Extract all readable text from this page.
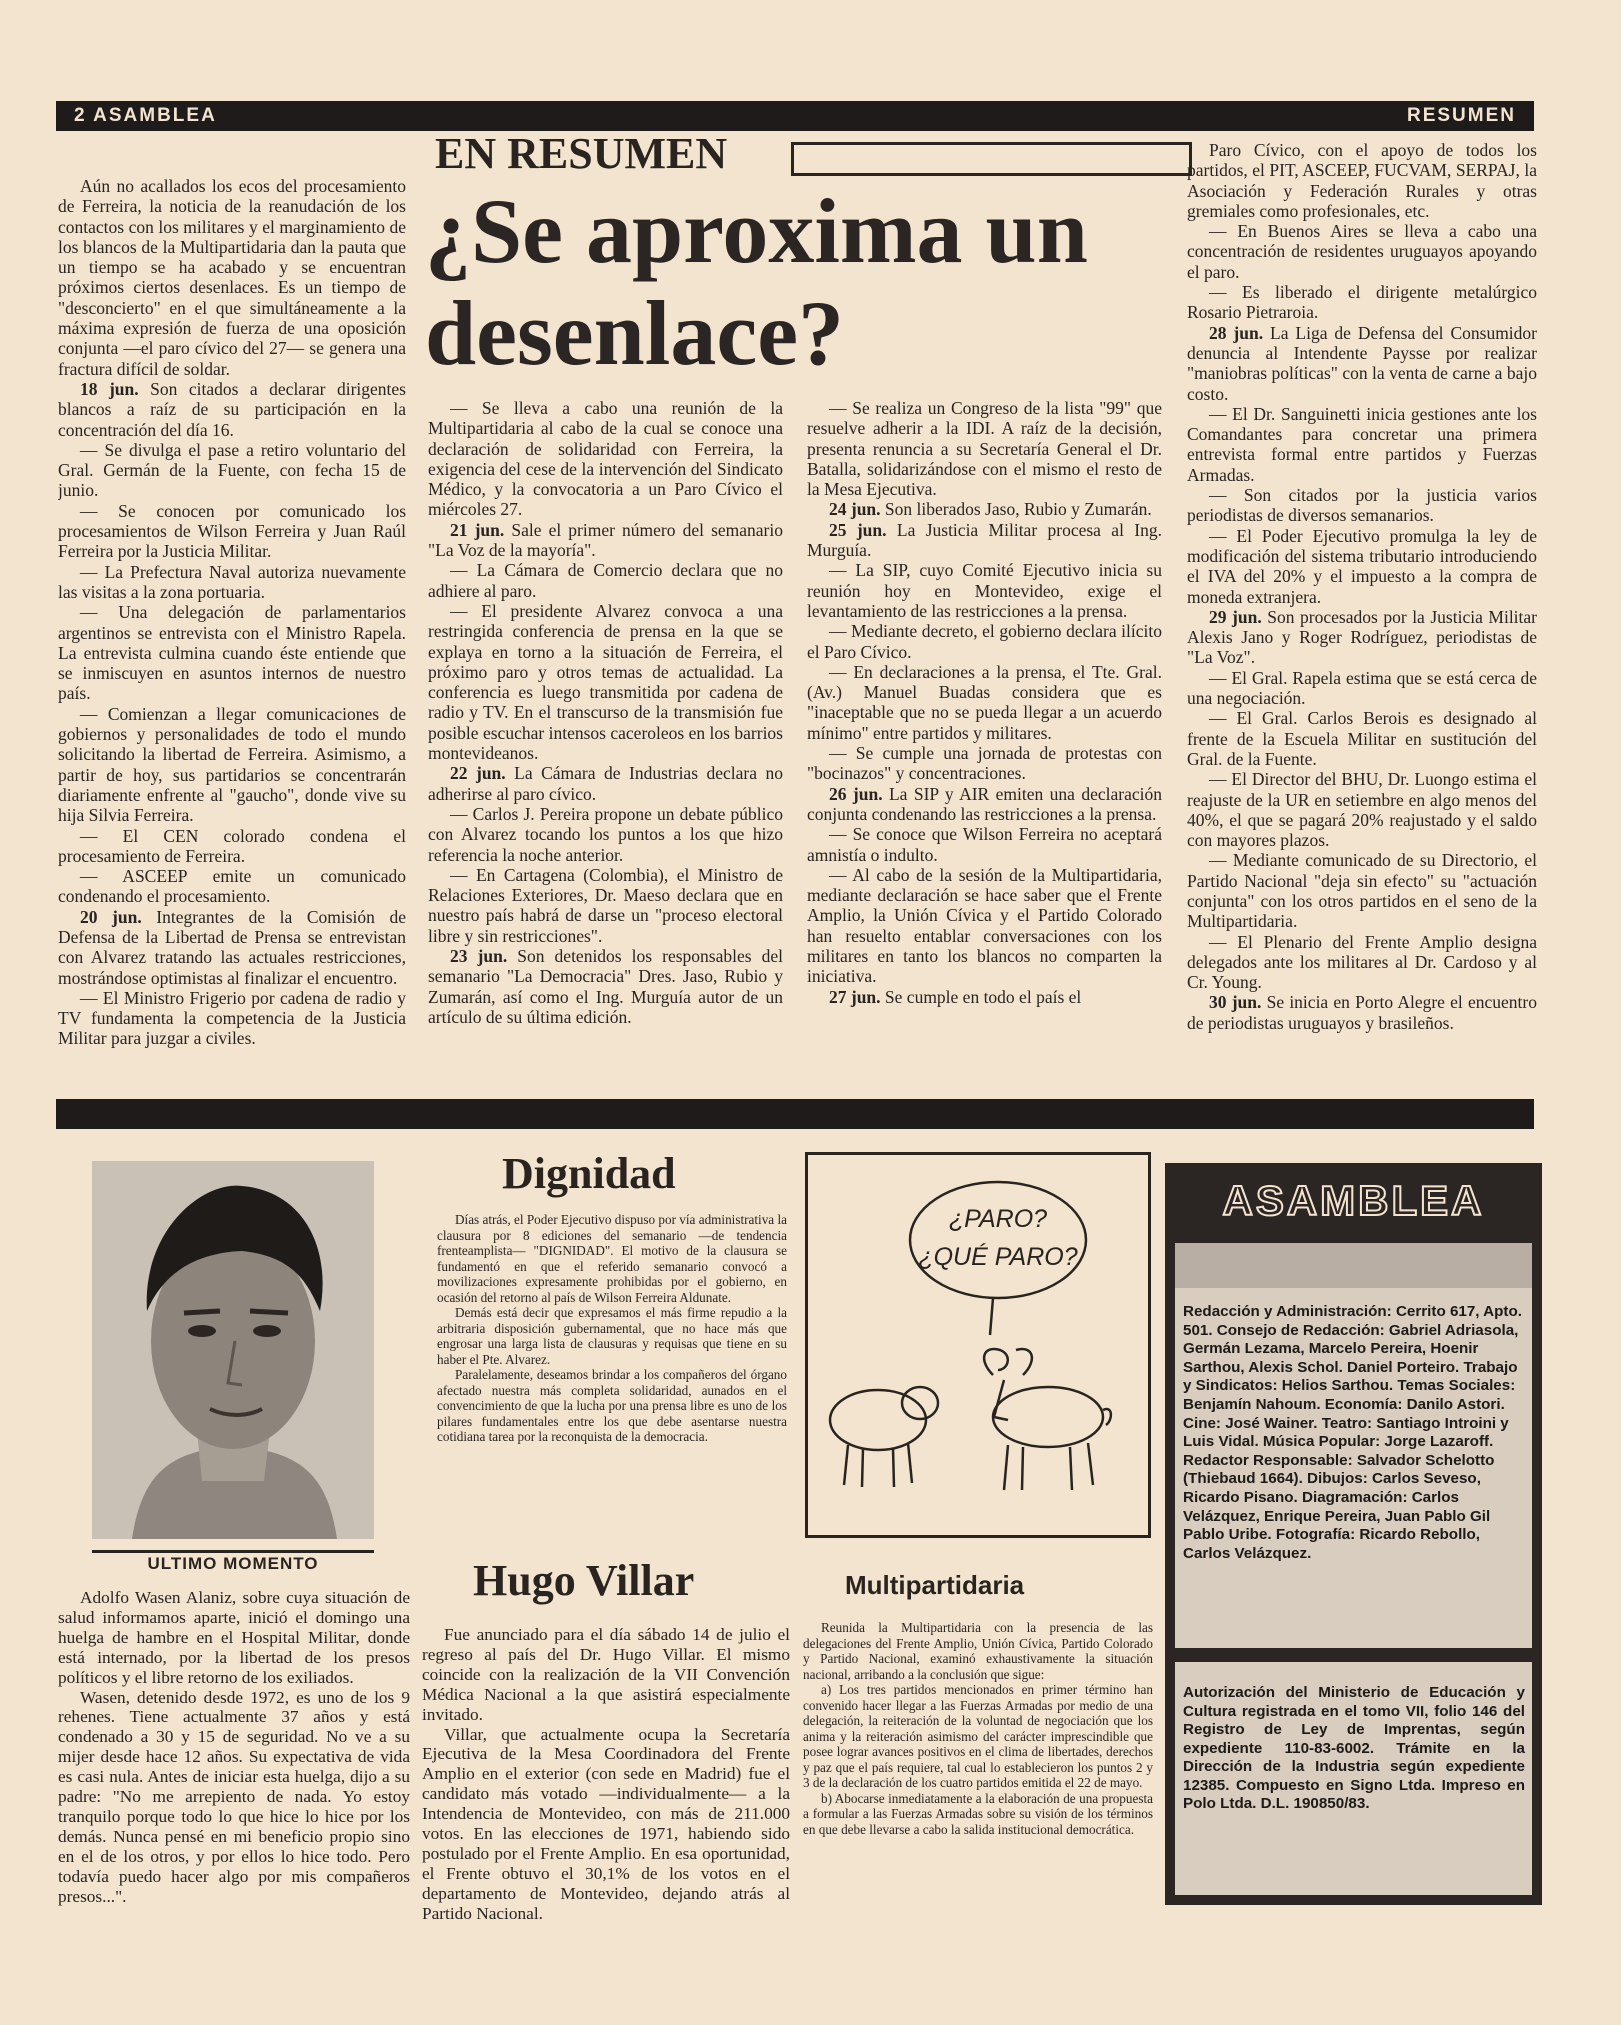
2 ASAMBLEA	RESUMEN
EN RESUMEN
¿Se aproxima un desenlace?

Aún no acallados los ecos del procesamiento de Ferreira, la noticia de la reanudación de los contactos con los militares y el marginamiento de los blancos de la Multipartidaria dan la pauta que un tiempo se ha acabado y se encuentran próximos ciertos desenlaces. Es un tiempo de "desconcierto" en el que simultáneamente a la máxima expresión de fuerza de una oposición conjunta —el paro cívico del 27— se genera una fractura difícil de soldar.

18 jun. Son citados a declarar dirigentes blancos a raíz de su participación en la concentración del día 16.

— Se divulga el pase a retiro voluntario del Gral. Germán de la Fuente, con fecha 15 de junio.

— Se conocen por comunicado los procesamientos de Wilson Ferreira y Juan Raúl Ferreira por la Justicia Militar.

— La Prefectura Naval autoriza nuevamente las visitas a la zona portuaria.

— Una delegación de parlamentarios argentinos se entrevista con el Ministro Rapela. La entrevista culmina cuando éste entiende que se inmiscuyen en asuntos internos de nuestro país.

— Comienzan a llegar comunicaciones de gobiernos y personalidades de todo el mundo solicitando la libertad de Ferreira. Asimismo, a partir de hoy, sus partidarios se concentrarán diariamente enfrente al "gaucho", donde vive su hija Silvia Ferreira.

— El CEN colorado condena el procesamiento de Ferreira.

— ASCEEP emite un comunicado condenando el procesamiento.

20 jun. Integrantes de la Comisión de Defensa de la Libertad de Prensa se entrevistan con Alvarez tratando las actuales restricciones, mostrándose optimistas al finalizar el encuentro.

— El Ministro Frigerio por cadena de radio y TV fundamenta la competencia de la Justicia Militar para juzgar a civiles.

— Se lleva a cabo una reunión de la Multipartidaria al cabo de la cual se conoce una declaración de solidaridad con Ferreira, la exigencia del cese de la intervención del Sindicato Médico, y la convocatoria a un Paro Cívico el miércoles 27.

21 jun. Sale el primer número del semanario "La Voz de la mayoría".

— La Cámara de Comercio declara que no adhiere al paro.

— El presidente Alvarez convoca a una restringida conferencia de prensa en la que se explaya en torno a la situación de Ferreira, el próximo paro y otros temas de actualidad. La conferencia es luego transmitida por cadena de radio y TV. En el transcurso de la transmisión fue posible escuchar intensos caceroleos en los barrios montevideanos.

22 jun. La Cámara de Industrias declara no adherirse al paro cívico.

— Carlos J. Pereira propone un debate público con Alvarez tocando los puntos a los que hizo referencia la noche anterior.

— En Cartagena (Colombia), el Ministro de Relaciones Exteriores, Dr. Maeso declara que en nuestro país habrá de darse un "proceso electoral libre y sin restricciones".

23 jun. Son detenidos los responsables del semanario "La Democracia" Dres. Jaso, Rubio y Zumarán, así como el Ing. Murguía autor de un artículo de su última edición.

— Se realiza un Congreso de la lista "99" que resuelve adherir a la IDI. A raíz de la decisión, presenta renuncia a su Secretaría General el Dr. Batalla, solidarizándose con el mismo el resto de la Mesa Ejecutiva.

24 jun. Son liberados Jaso, Rubio y Zumarán.

25 jun. La Justicia Militar procesa al Ing. Murguía.

— La SIP, cuyo Comité Ejecutivo inicia su reunión hoy en Montevideo, exige el levantamiento de las restricciones a la prensa.

— Mediante decreto, el gobierno declara ilícito el Paro Cívico.

— En declaraciones a la prensa, el Tte. Gral. (Av.) Manuel Buadas considera que es "inaceptable que no se pueda llegar a un acuerdo mínimo" entre partidos y militares.

— Se cumple una jornada de protestas con "bocinazos" y concentraciones.

26 jun. La SIP y AIR emiten una declaración conjunta condenando las restricciones a la prensa.

— Se conoce que Wilson Ferreira no aceptará amnistía o indulto.

— Al cabo de la sesión de la Multipartidaria, mediante declaración se hace saber que el Frente Amplio, la Unión Cívica y el Partido Colorado han resuelto entablar conversaciones con los militares en tanto los blancos no comparten la iniciativa.

27 jun. Se cumple en todo el país el

Paro Cívico, con el apoyo de todos los partidos, el PIT, ASCEEP, FUCVAM, SERPAJ, la Asociación y Federación Rurales y otras gremiales como profesionales, etc.

— En Buenos Aires se lleva a cabo una concentración de residentes uruguayos apoyando el paro.

— Es liberado el dirigente metalúrgico Rosario Pietraroia.

28 jun. La Liga de Defensa del Consumidor denuncia al Intendente Paysse por realizar "maniobras políticas" con la venta de carne a bajo costo.

— El Dr. Sanguinetti inicia gestiones ante los Comandantes para concretar una primera entrevista formal entre partidos y Fuerzas Armadas.

— Son citados por la justicia varios periodistas de diversos semanarios.

— El Poder Ejecutivo promulga la ley de modificación del sistema tributario introduciendo el IVA del 20% y el impuesto a la compra de moneda extranjera.

29 jun. Son procesados por la Justicia Militar Alexis Jano y Roger Rodríguez, periodistas de "La Voz".

— El Gral. Rapela estima que se está cerca de una negociación.

— El Gral. Carlos Berois es designado al frente de la Escuela Militar en sustitución del Gral. de la Fuente.

— El Director del BHU, Dr. Luongo estima el reajuste de la UR en setiembre en algo menos del 40%, el que se pagará 20% reajustado y el saldo con mayores plazos.

— Mediante comunicado de su Directorio, el Partido Nacional "deja sin efecto" su "actuación conjunta" con los otros partidos en el seno de la Multipartidaria.

— El Plenario del Frente Amplio designa delegados ante los militares al Dr. Cardoso y al Cr. Young.

30 jun. Se inicia en Porto Alegre el encuentro de periodistas uruguayos y brasileños.

ULTIMO MOMENTO

Adolfo Wasen Alaniz, sobre cuya situación de salud informamos aparte, inició el domingo una huelga de hambre en el Hospital Militar, donde está internado, por la libertad de los presos políticos y el libre retorno de los exiliados.

Wasen, detenido desde 1972, es uno de los 9 rehenes. Tiene actualmente 37 años y está condenado a 30 y 15 de seguridad. No ve a su mijer desde hace 12 años. Su expectativa de vida es casi nula. Antes de iniciar esta huelga, dijo a su padre: "No me arrepiento de nada. Yo estoy tranquilo porque todo lo que hice lo hice por los demás. Nunca pensé en mi beneficio propio sino en el de los otros, y por ellos lo hice todo. Pero todavía puedo hacer algo por mis compañeros presos...".

Dignidad

Días atrás, el Poder Ejecutivo dispuso por vía administrativa la clausura por 8 ediciones del semanario —de tendencia frenteamplista— "DIGNIDAD". El motivo de la clausura se fundamentó en que el referido semanario convocó a movilizaciones expresamente prohibidas por el gobierno, en ocasión del retorno al país de Wilson Ferreira Aldunate.

Demás está decir que expresamos el más firme repudio a la arbitraria disposición gubernamental, que no hace más que engrosar una larga lista de clausuras y requisas que tiene en su haber el Pte. Alvarez.

Paralelamente, deseamos brindar a los compañeros del órgano afectado nuestra más completa solidaridad, aunados en el convencimiento de que la lucha por una prensa libre es uno de los pilares fundamentales entre los que debe asentarse nuestra cotidiana tarea por la reconquista de la democracia.

¿PARO?
¿QUÉ PARO?
Hugo Villar

Fue anunciado para el día sábado 14 de julio el regreso al país del Dr. Hugo Villar. El mismo coincide con la realización de la VII Convención Médica Nacional a la que asistirá especialmente invitado.

Villar, que actualmente ocupa la Secretaría Ejecutiva de la Mesa Coordinadora del Frente Amplio en el exterior (con sede en Madrid) fue el candidato más votado —individualmente— a la Intendencia de Montevideo, con más de 211.000 votos. En las elecciones de 1971, habiendo sido postulado por el Frente Amplio. En esa oportunidad, el Frente obtuvo el 30,1% de los votos en el departamento de Montevideo, dejando atrás al Partido Nacional.

Multipartidaria

Reunida la Multipartidaria con la presencia de las delegaciones del Frente Amplio, Unión Cívica, Partido Colorado y Partido Nacional, examinó exhaustivamente la situación nacional, arribando a la conclusión que sigue:

a) Los tres partidos mencionados en primer término han convenido hacer llegar a las Fuerzas Armadas por medio de una delegación, la reiteración de la voluntad de negociación que los anima y la reiteración asimismo del carácter imprescindible que posee lograr avances positivos en el clima de libertades, derechos y paz que el país requiere, tal cual lo establecieron los puntos 2 y 3 de la declaración de los cuatro partidos emitida el 22 de mayo.

b) Abocarse inmediatamente a la elaboración de una propuesta a formular a las Fuerzas Armadas sobre su visión de los términos en que debe llevarse a cabo la salida institucional democrática.

ASAMBLEA
Redacción y Administración: Cerrito 617, Apto. 501. Consejo de Redacción: Gabriel Adriasola, Germán Lezama, Marcelo Pereira, Hoenir Sarthou, Alexis Schol. Daniel Porteiro. Trabajo y Sindicatos: Helios Sarthou. Temas Sociales: Benjamín Nahoum. Economía: Danilo Astori. Cine: José Wainer. Teatro: Santiago Introini y Luis Vidal. Música Popular: Jorge Lazaroff. Redactor Responsable: Salvador Schelotto (Thiebaud 1664). Dibujos: Carlos Seveso, Ricardo Pisano. Diagramación: Carlos Velázquez, Enrique Pereira, Juan Pablo Gil Pablo Uribe. Fotografía: Ricardo Rebollo, Carlos Velázquez.
Autorización del Ministerio de Educación y Cultura registrada en el tomo VII, folio 146 del Registro de Ley de Imprentas, según expediente 110-83-6002. Trámite en la Dirección de la Industria según expediente 12385. Compuesto en Signo Ltda. Impreso en Polo Ltda. D.L. 190850/83.
